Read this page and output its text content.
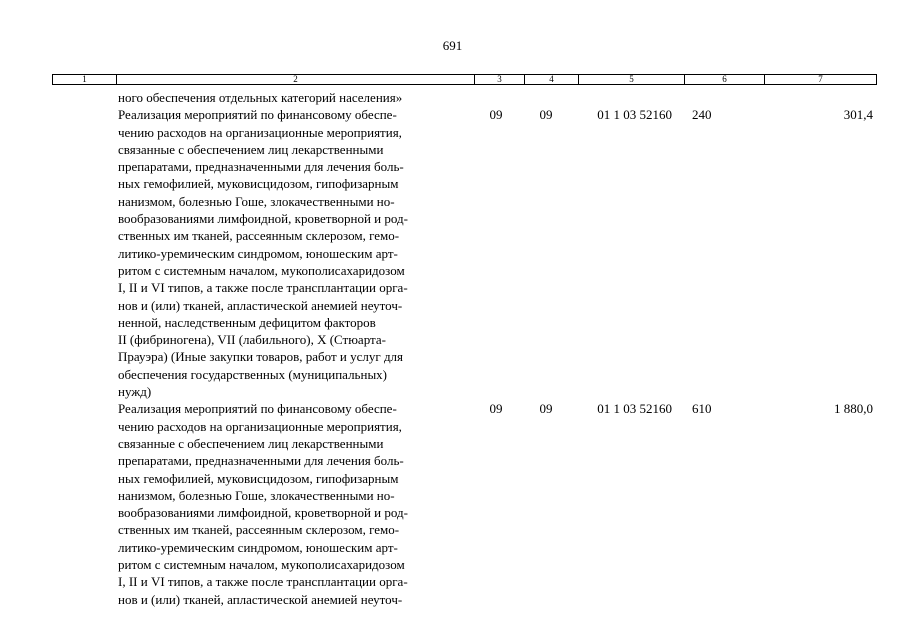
691
1	2	3	4	5	6	7
ного обеспечения отдельных категорий населения»
Реализация мероприятий по финансовому обеспе-
чению расходов на организационные мероприятия,
связанные с обеспечением лиц лекарственными
препаратами, предназначенными для лечения боль-
ных гемофилией, муковисцидозом, гипофизарным
нанизмом, болезнью Гоше, злокачественными но-
вообразованиями лимфоидной, кроветворной и род-
ственных им тканей, рассеянным склерозом, гемо-
литико-уремическим синдромом, юношеским арт-
ритом с системным началом, мукополисахаридозом
I, II и VI типов, а также после трансплантации орга-
нов и (или) тканей, апластической анемией неуточ-
ненной, наследственным дефицитом факторов
II (фибриногена), VII (лабильного), X (Стюарта-
Прауэра) (Иные закупки товаров, работ и услуг для
обеспечения государственных (муниципальных)
нужд)
09	09	01 1 03 52160	240	301,4
Реализация мероприятий по финансовому обеспе-
чению расходов на организационные мероприятия,
связанные с обеспечением лиц лекарственными
препаратами, предназначенными для лечения боль-
ных гемофилией, муковисцидозом, гипофизарным
нанизмом, болезнью Гоше, злокачественными но-
вообразованиями лимфоидной, кроветворной и род-
ственных им тканей, рассеянным склерозом, гемо-
литико-уремическим синдромом, юношеским арт-
ритом с системным началом, мукополисахаридозом
I, II и VI типов, а также после трансплантации орга-
нов и (или) тканей, апластической анемией неуточ-
09	09	01 1 03 52160	610	1 880,0
